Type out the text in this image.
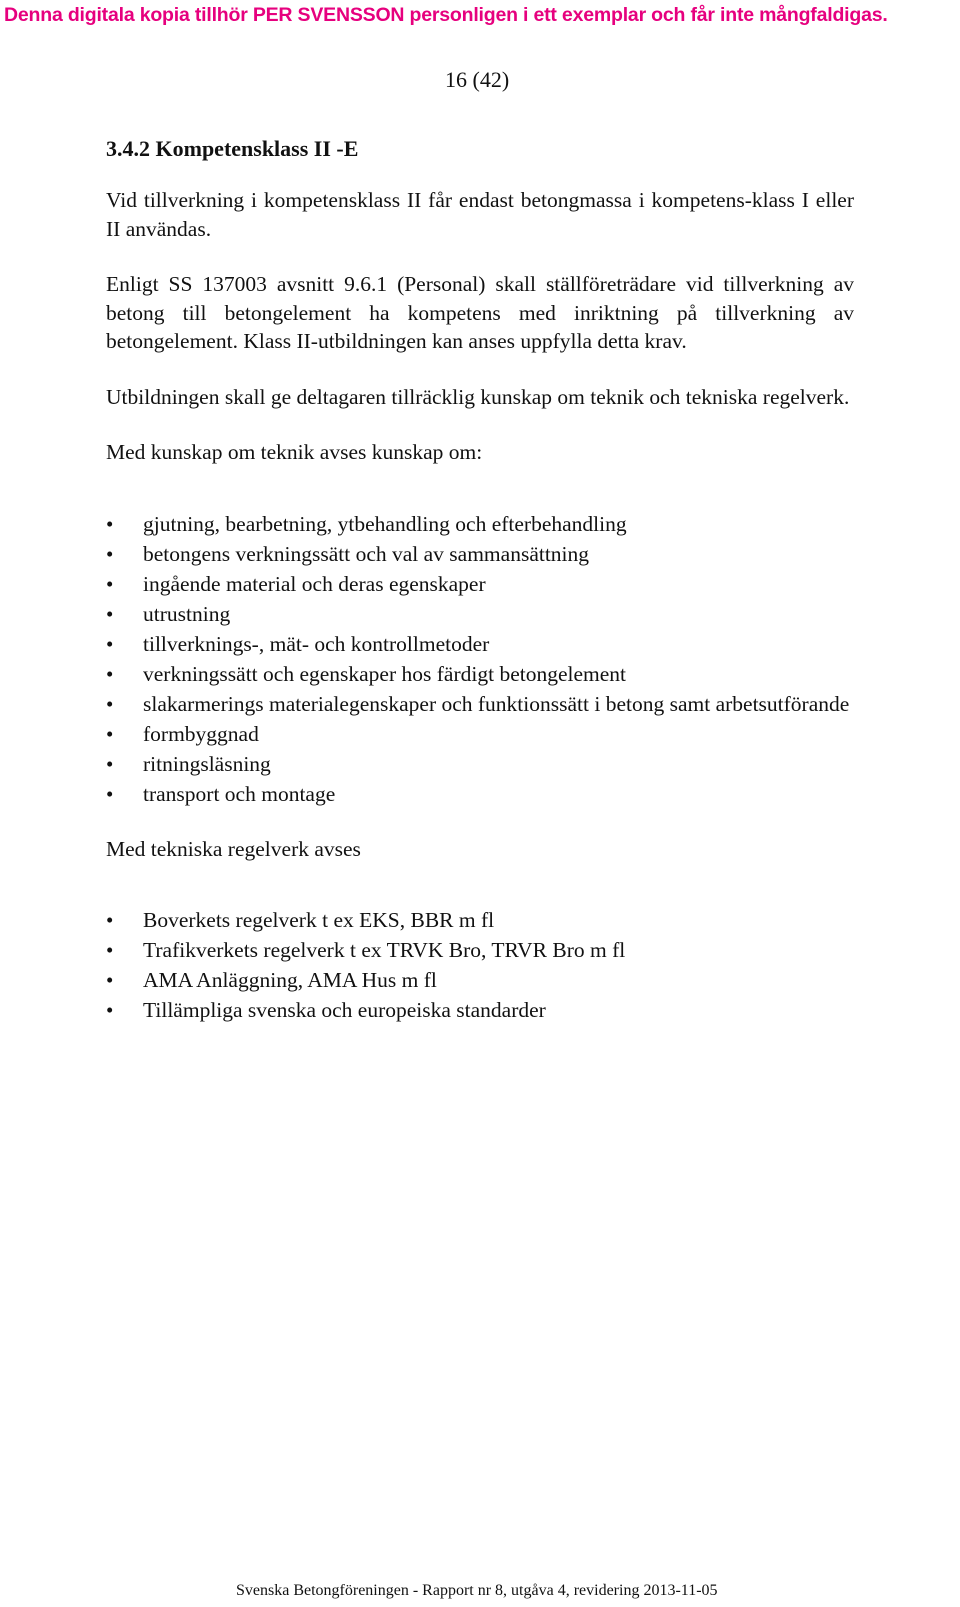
Denna digitala kopia tillhör PER SVENSSON personligen i ett exemplar och får inte mångfaldigas.
16 (42)
3.4.2 Kompetensklass II -E

Vid tillverkning i kompetensklass II får endast betongmassa i kompetens-klass I eller II användas.

Enligt SS 137003 avsnitt 9.6.1 (Personal) skall ställföreträdare vid tillverkning av betong till betongelement ha kompetens med inriktning på tillverkning av betongelement. Klass II-utbildningen kan anses uppfylla detta krav.

Utbildningen skall ge deltagaren tillräcklig kunskap om teknik och tekniska regelverk.

Med kunskap om teknik avses kunskap om:

• gjutning, bearbetning, ytbehandling och efterbehandling
• betongens verkningssätt och val av sammansättning
• ingående material och deras egenskaper
• utrustning
• tillverknings-, mät- och kontrollmetoder
• verkningssätt och egenskaper hos färdigt betongelement
• slakarmerings materialegenskaper och funktionssätt i betong samt arbetsutförande
• formbyggnad
• ritningsläsning
• transport och montage

Med tekniska regelverk avses

• Boverkets regelverk t ex EKS, BBR m fl
• Trafikverkets regelverk t ex TRVK Bro, TRVR Bro m fl
• AMA Anläggning, AMA Hus m fl
• Tillämpliga svenska och europeiska standarder
Svenska Betongföreningen - Rapport nr 8, utgåva 4, revidering 2013-11-05
